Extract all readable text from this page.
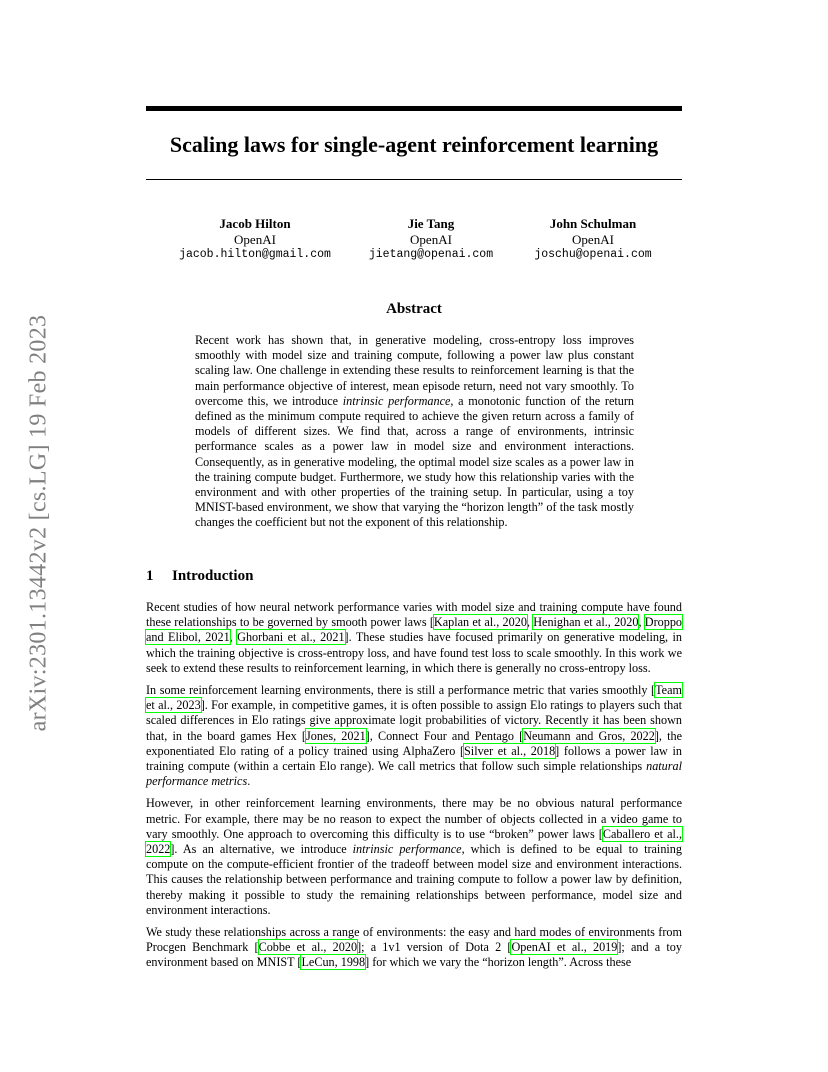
arXiv:2301.13442v2 [cs.LG] 19 Feb 2023
Scaling laws for single-agent reinforcement learning
Jacob Hilton
OpenAI
jacob.hilton@gmail.com
Jie Tang
OpenAI
jietang@openai.com
John Schulman
OpenAI
joschu@openai.com
Abstract

Recent work has shown that, in generative modeling, cross-entropy loss improves smoothly with model size and training compute, following a power law plus constant scaling law. One challenge in extending these results to reinforcement learning is that the main performance objective of interest, mean episode return, need not vary smoothly. To overcome this, we introduce intrinsic performance, a monotonic function of the return defined as the minimum compute required to achieve the given return across a family of models of different sizes. We find that, across a range of environments, intrinsic performance scales as a power law in model size and environment interactions. Consequently, as in generative modeling, the optimal model size scales as a power law in the training compute budget. Furthermore, we study how this relationship varies with the environment and with other properties of the training setup. In particular, using a toy MNIST-based environment, we show that varying the “horizon length” of the task mostly changes the coefficient but not the exponent of this relationship.

1 Introduction

Recent studies of how neural network performance varies with model size and training compute have found these relationships to be governed by smooth power laws [Kaplan et al., 2020, Henighan et al., 2020, Droppo and Elibol, 2021, Ghorbani et al., 2021]. These studies have focused primarily on generative modeling, in which the training objective is cross-entropy loss, and have found test loss to scale smoothly. In this work we seek to extend these results to reinforcement learning, in which there is generally no cross-entropy loss.

In some reinforcement learning environments, there is still a performance metric that varies smoothly [Team et al., 2023]. For example, in competitive games, it is often possible to assign Elo ratings to players such that scaled differences in Elo ratings give approximate logit probabilities of victory. Recently it has been shown that, in the board games Hex [Jones, 2021], Connect Four and Pentago [Neumann and Gros, 2022], the exponentiated Elo rating of a policy trained using AlphaZero [Silver et al., 2018] follows a power law in training compute (within a certain Elo range). We call metrics that follow such simple relationships natural performance metrics.

However, in other reinforcement learning environments, there may be no obvious natural performance metric. For example, there may be no reason to expect the number of objects collected in a video game to vary smoothly. One approach to overcoming this difficulty is to use “broken” power laws [Caballero et al., 2022]. As an alternative, we introduce intrinsic performance, which is defined to be equal to training compute on the compute-efficient frontier of the tradeoff between model size and environment interactions. This causes the relationship between performance and training compute to follow a power law by definition, thereby making it possible to study the remaining relationships between performance, model size and environment interactions.

We study these relationships across a range of environments: the easy and hard modes of environments from Procgen Benchmark [Cobbe et al., 2020]; a 1v1 version of Dota 2 [OpenAI et al., 2019]; and a toy environment based on MNIST [LeCun, 1998] for which we vary the “horizon length”. Across these
